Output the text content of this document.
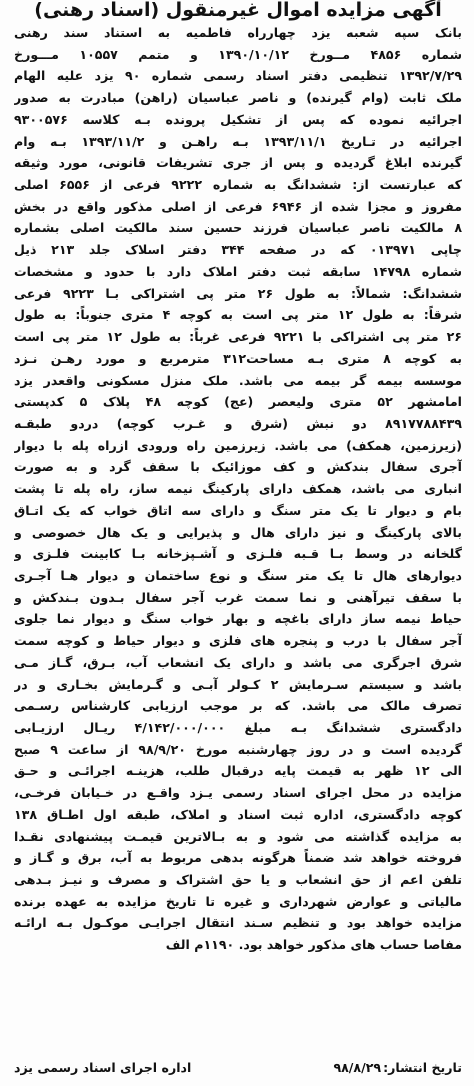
آگهی مزایده اموال غیرمنقول (اسناد رهنی)
بانک سپه شعبه یزد چهارراه فاطمیه به استناد سند رهنی
شماره ۴۸۵۶ مــورخ ۱۳۹۰/۱۰/۱۲ و متمم ۱۰۵۵۷ مـــورخ
۱۳۹۲/۷/۲۹ تنظیمی دفتر اسناد رسمی شماره ۹۰ یزد علیه الهام
ملک ثابت (وام گیرنده) و ناصر عباسیان (راهن) مبادرت به صدور
اجرائیه نموده که پس از تشکیل پرونده بـه کلاسه ۹۳۰۰۵۷۶
اجرائیه در تـاریخ ۱۳۹۳/۱۱/۱ بـه راهـن و ۱۳۹۳/۱۱/۲ بـه وام
گیرنده ابلاغ گردیده و پس از جری تشریفات قانونی، مورد وثیقه
که عبارتست از: ششدانگ به شماره ۹۲۲۲ فرعی از ۶۵۵۶ اصلی
مفروز و مجزا شده از ۶۹۴۶ فرعی از اصلی مذکور واقع در بخش
۸ مالکیت ناصر عباسیان فرزند حسین سند مالکیت اصلی بشماره
چاپی ۰۱۳۹۷۱ که در صفحه ۳۴۴ دفتر اسلاک جلد ۲۱۳ ذیل
شماره ۱۴۷۹۸ سابقه ثبت دفتر املاک دارد با حدود و مشخصات
ششدانگ: شمالاً: به طول ۲۶ متر پی اشتراکی بـا ۹۲۲۳ فرعی
شرقاً: به طول ۱۲ متر پی است به کوچه ۴ متری جنوباً: به طول
۲۶ متر پی اشتراکی با ۹۲۲۱ فرعی غرباً: به طول ۱۲ متر پی است
به کوچه ۸ متری بـه مساحت۳۱۲ مترمربع و مورد رهـن نـزد
موسسه بیمه گر بیمه می باشد. ملک منزل مسکونی واقعدر یزد
امامشهر ۵۲ متری ولیعصر (عج) کوچه ۴۸ پلاک ۵ کدپستی
۸۹۱۷۷۸۸۴۳۹ دو نبش (شرق و غـرب کوچه) دردو طبقـه
(زیرزمین، همکف) می باشد. زیرزمین راه ورودی ازراه پله با دیوار
آجری سفال بندکش و کف موزائیک با سقف گرد و به صورت
انباری می باشد، همکف دارای پارکینگ نیمه ساز، راه پله تا پشت
بام و دیوار تا یک متر سنگ و دارای سه اتاق خواب که یک اتـاق
بالای پارکینگ و نیز دارای هال و پذیرایی و یک هال خصوصی و
گلخانه در وسط بـا قـبه فلـزی و آشـپزخانه بـا کابینت فلـزی و
دیوارهای هال تا یک متر سنگ و نوع ساختمان و دیوار هـا آجـری
با سقف تیرآهنی و نما سمت غرب آجر سفال بـدون بـندکش و
حیاط نیمه ساز دارای باغچه و بهار خواب سنگ و دیوار نما جلوی
آجر سفال با درب و پنجره های فلزی و دیوار حیاط و کوچه سمت
شرق اجرگری می باشد و دارای یک انشعاب آب، بـرق، گـاز مـی
باشد و سیستم سـرمایش ۲ کـولر آبـی و گـرمایش بخـاری و در
تصرف مالک می باشد. که بر موجب ارزیابی کارشناس رسـمی
دادگستری ششدانگ بـه مبلغ ۴/۱۴۲/۰۰۰/۰۰۰ ریـال ارزیـابی
گردیده است و در روز چهارشنبه مورخ ۹۸/۹/۲۰ از ساعت ۹ صبح
الی ۱۲ ظهر به قیمت پایه درقبال طلب، هزینـه اجرائـی و حـق
مزایده در محل اجرای اسناد رسمی یـزد واقـع در خـیابان فرخـی،
کوچه دادگستری، اداره ثبت اسناد و املاک، طبقه اول اطـاق ۱۳۸
به مزایده گذاشته می شود و به بـالاترین قیمـت پیشنهادی نقـدا
فروخته خواهد شد ضمناً هرگونه بدهی مربوط به آب، برق و گـاز و
تلفن اعم از حق انشعاب و یا حق اشتراک و مصرف و نیـز بـدهی
مالیاتی و عوارض شهرداری و غیره تا تاریخ مزایده به عهده برنده
مزایده خواهد بود و تنظیم سـند انتقال اجرایـی موکـول بـه ارائـه
مفاصا حساب های مذکور خواهد بود. ۱۱۹۰م الف
تاریخ انتشار:
۹۸/۸/۲۹
اداره اجرای اسناد رسمی یزد
